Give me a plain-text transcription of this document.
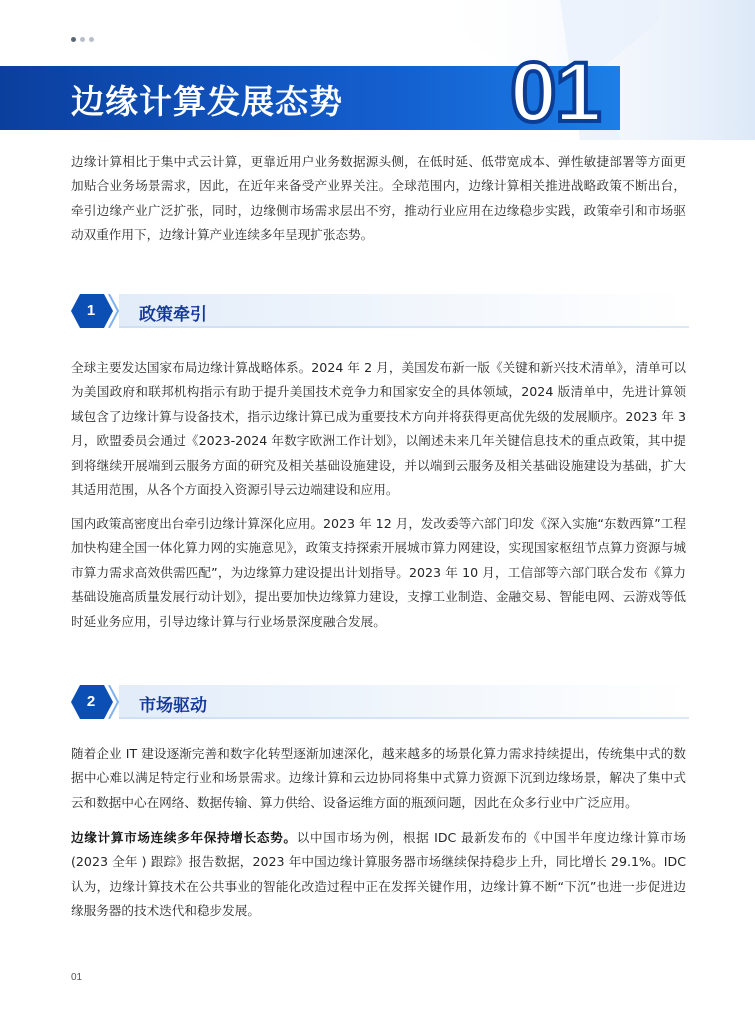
边缘计算发展态势 01

边缘计算相比于集中式云计算，更靠近用户业务数据源头侧，在低时延、低带宽成本、弹性敏捷部署等方面更加贴合业务场景需求，因此，在近年来备受产业界关注。全球范围内，边缘计算相关推进战略政策不断出台，牵引边缘产业广泛扩张，同时，边缘侧市场需求层出不穷，推动行业应用在边缘稳步实践，政策牵引和市场驱动双重作用下，边缘计算产业连续多年呈现扩张态势。

1	政策牵引

全球主要发达国家布局边缘计算战略体系。2024 年 2 月，美国发布新一版《关键和新兴技术清单》，清单可以为美国政府和联邦机构指示有助于提升美国技术竞争力和国家安全的具体领域，2024 版清单中，先进计算领域包含了边缘计算与设备技术，指示边缘计算已成为重要技术方向并将获得更高优先级的发展顺序。2023 年 3 月，欧盟委员会通过《2023-2024 年数字欧洲工作计划》，以阐述未来几年关键信息技术的重点政策，其中提到将继续开展端到云服务方面的研究及相关基础设施建设，并以端到云服务及相关基础设施建设为基础，扩大其适用范围，从各个方面投入资源引导云边端建设和应用。

国内政策高密度出台牵引边缘计算深化应用。2023 年 12 月，发改委等六部门印发《深入实施“东数西算”工程 加快构建全国一体化算力网的实施意见》，政策支持探索开展城市算力网建设，实现国家枢纽节点算力资源与城市算力需求高效供需匹配”，为边缘算力建设提出计划指导。2023 年 10 月，工信部等六部门联合发布《算力基础设施高质量发展行动计划》，提出要加快边缘算力建设，支撑工业制造、金融交易、智能电网、云游戏等低时延业务应用，引导边缘计算与行业场景深度融合发展。

2	市场驱动

随着企业 IT 建设逐渐完善和数字化转型逐渐加速深化，越来越多的场景化算力需求持续提出，传统集中式的数据中心难以满足特定行业和场景需求。边缘计算和云边协同将集中式算力资源下沉到边缘场景，解决了集中式云和数据中心在网络、数据传输、算力供给、设备运维方面的瓶颈问题，因此在众多行业中广泛应用。

边缘计算市场连续多年保持增长态势。以中国市场为例，根据 IDC 最新发布的《中国半年度边缘计算市场 (2023 全年 ) 跟踪》报告数据，2023 年中国边缘计算服务器市场继续保持稳步上升，同比增长 29.1%。IDC 认为，边缘计算技术在公共事业的智能化改造过程中正在发挥关键作用，边缘计算不断“下沉”也进一步促进边缘服务器的技术迭代和稳步发展。

01
